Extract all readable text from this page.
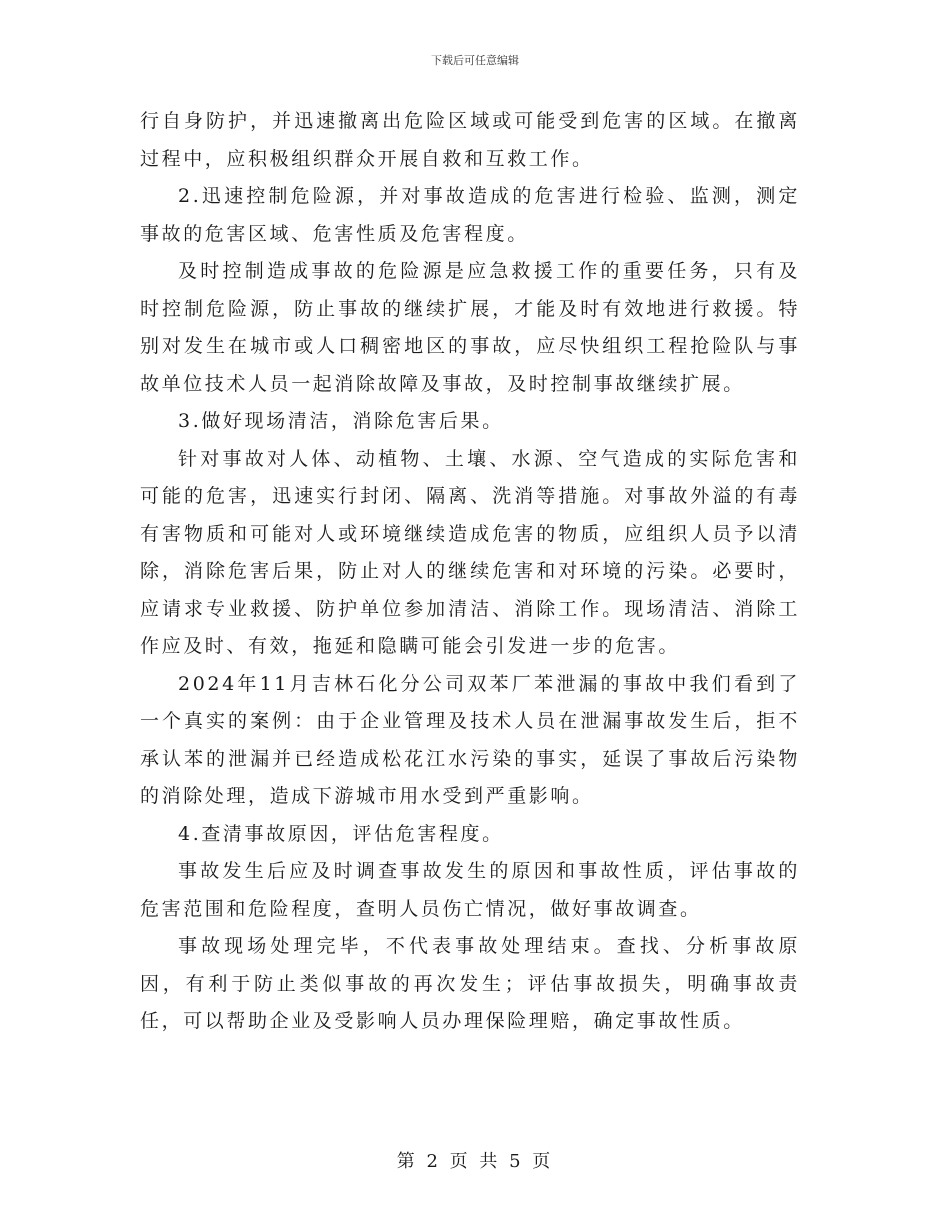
下载后可任意编辑

行自身防护，并迅速撤离出危险区域或可能受到危害的区域。在撤离过程中，应积极组织群众开展自救和互救工作。

2.迅速控制危险源，并对事故造成的危害进行检验、监测，测定事故的危害区域、危害性质及危害程度。

及时控制造成事故的危险源是应急救援工作的重要任务，只有及时控制危险源，防止事故的继续扩展，才能及时有效地进行救援。特别对发生在城市或人口稠密地区的事故，应尽快组织工程抢险队与事故单位技术人员一起消除故障及事故，及时控制事故继续扩展。

3.做好现场清洁，消除危害后果。

针对事故对人体、动植物、土壤、水源、空气造成的实际危害和可能的危害，迅速实行封闭、隔离、洗消等措施。对事故外溢的有毒有害物质和可能对人或环境继续造成危害的物质，应组织人员予以清除，消除危害后果，防止对人的继续危害和对环境的污染。必要时，应请求专业救援、防护单位参加清洁、消除工作。现场清洁、消除工作应及时、有效，拖延和隐瞒可能会引发进一步的危害。

2024年11月吉林石化分公司双苯厂苯泄漏的事故中我们看到了一个真实的案例：由于企业管理及技术人员在泄漏事故发生后，拒不承认苯的泄漏并已经造成松花江水污染的事实，延误了事故后污染物的消除处理，造成下游城市用水受到严重影响。

4.查清事故原因，评估危害程度。

事故发生后应及时调查事故发生的原因和事故性质，评估事故的危害范围和危险程度，查明人员伤亡情况，做好事故调查。

事故现场处理完毕，不代表事故处理结束。查找、分析事故原因，有利于防止类似事故的再次发生；评估事故损失，明确事故责任，可以帮助企业及受影响人员办理保险理赔，确定事故性质。

第 2 页 共 5 页
